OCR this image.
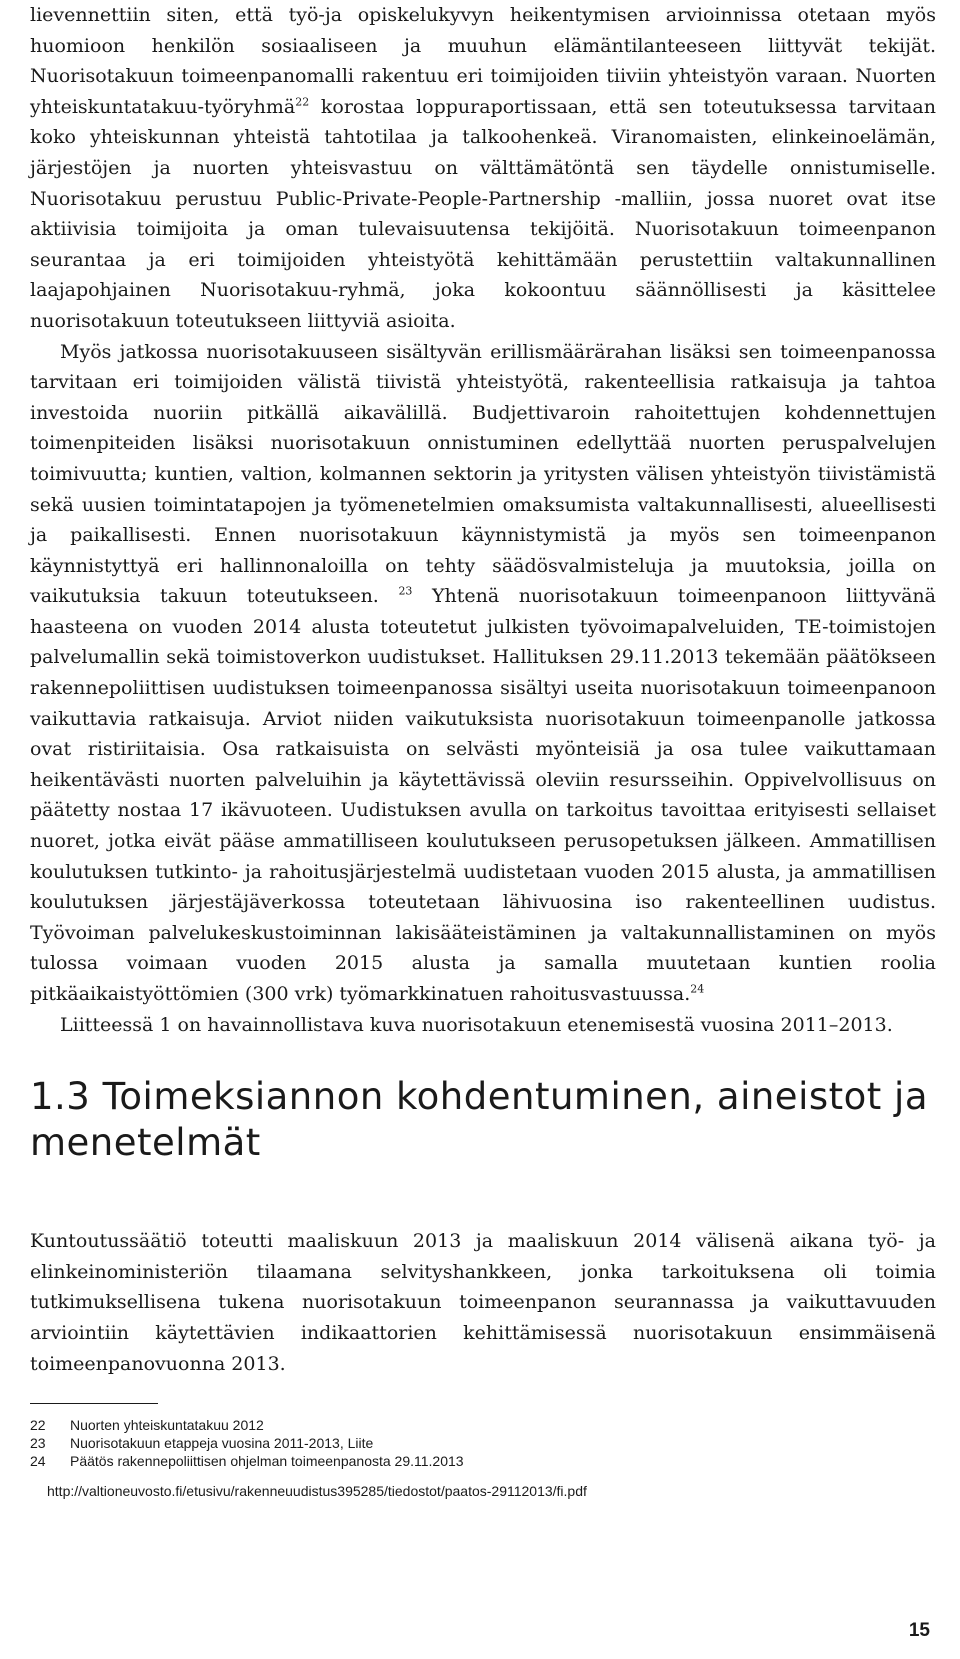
lievennettiin siten, että työ-ja opiskelukyvyn heikentymisen arvioinnissa otetaan myös huomioon henkilön sosiaaliseen ja muuhun elämäntilanteeseen liittyvät tekijät. Nuorisotakuun toimeenpanomalli rakentuu eri toimijoiden tiiviin yhteistyön varaan. Nuorten yhteiskuntatakuu-työryhmä$^{22}$ korostaa loppuraportissaan, että sen toteutuksessa tarvitaan koko yhteiskunnan yhteistä tahtotilaa ja talkoohenkeä. Viranomaisten, elinkeinoelämän, järjestöjen ja nuorten yhteisvastuu on välttämätöntä sen täydelle onnistumiselle. Nuorisotakuu perustuu Public-Private-People-Partnership -malliin, jossa nuoret ovat itse aktiivisia toimijoita ja oman tulevaisuutensa tekijöitä. Nuorisotakuun toimeenpanon seurantaa ja eri toimijoiden yhteistyötä kehittämään perustettiin valtakunnallinen laajapohjainen Nuorisotakuu-ryhmä, joka kokoontuu säännöllisesti ja käsittelee nuorisotakuun toteutukseen liittyviä asioita.

Myös jatkossa nuorisotakuuseen sisältyvän erillismäärärahan lisäksi sen toimeenpanossa tarvitaan eri toimijoiden välistä tiivistä yhteistyötä, rakenteellisia ratkaisuja ja tahtoa investoida nuoriin pitkällä aikavälillä. Budjettivaroin rahoitettujen kohdennettujen toimenpiteiden lisäksi nuorisotakuun onnistuminen edellyttää nuorten peruspalvelujen toimivuutta; kuntien, valtion, kolmannen sektorin ja yritysten välisen yhteistyön tiivistämistä sekä uusien toimintatapojen ja työmenetelmien omaksumista valtakunnallisesti, alueellisesti ja paikallisesti. Ennen nuorisotakuun käynnistymistä ja myös sen toimeenpanon käynnistyttyä eri hallinnonaloilla on tehty säädösvalmisteluja ja muutoksia, joilla on vaikutuksia takuun toteutukseen. $^{23}$ Yhtenä nuorisotakuun toimeenpanoon liittyvänä haasteena on vuoden 2014 alusta toteutetut julkisten työvoimapalveluiden, TE-toimistojen palvelumallin sekä toimistoverkon uudistukset. Hallituksen 29.11.2013 tekemään päätökseen rakennepoliittisen uudistuksen toimeenpanossa sisältyi useita nuorisotakuun toimeenpanoon vaikuttavia ratkaisuja. Arviot niiden vaikutuksista nuorisotakuun toimeenpanolle jatkossa ovat ristiriitaisia. Osa ratkaisuista on selvästi myönteisiä ja osa tulee vaikuttamaan heikentävästi nuorten palveluihin ja käytettävissä oleviin resursseihin. Oppivelvollisuus on päätetty nostaa 17 ikävuoteen. Uudistuksen avulla on tarkoitus tavoittaa erityisesti sellaiset nuoret, jotka eivät pääse ammatilliseen koulutukseen perusopetuksen jälkeen. Ammatillisen koulutuksen tutkinto- ja rahoitusjärjestelmä uudistetaan vuoden 2015 alusta, ja ammatillisen koulutuksen järjestäjäverkossa toteutetaan lähivuosina iso rakenteellinen uudistus. Työvoiman palvelukeskustoiminnan lakisääteistäminen ja valtakunnallistaminen on myös tulossa voimaan vuoden 2015 alusta ja samalla muutetaan kuntien roolia pitkäaikaistyöttömien (300 vrk) työmarkkinatuen rahoitusvastuussa.$^{24}$

Liitteessä 1 on havainnollistava kuva nuorisotakuun etenemisestä vuosina 2011–2013.

1.3 Toimeksiannon kohdentuminen, aineistot ja menetelmät

Kuntoutussäätiö toteutti maaliskuun 2013 ja maaliskuun 2014 välisenä aikana työ- ja elinkeinoministeriön tilaamana selvityshankkeen, jonka tarkoituksena oli toimia tutkimuksellisena tukena nuorisotakuun toimeenpanon seurannassa ja vaikuttavuuden arviointiin käytettävien indikaattorien kehittämisessä nuorisotakuun ensimmäisenä toimeenpanovuonna 2013.

22	Nuorten yhteiskuntatakuu 2012
23	Nuorisotakuun etappeja vuosina 2011-2013, Liite
24	Päätös rakennepoliittisen ohjelman toimeenpanosta 29.11.2013
http://valtioneuvosto.fi/etusivu/rakenneuudistus395285/tiedostot/paatos-29112013/fi.pdf
15
